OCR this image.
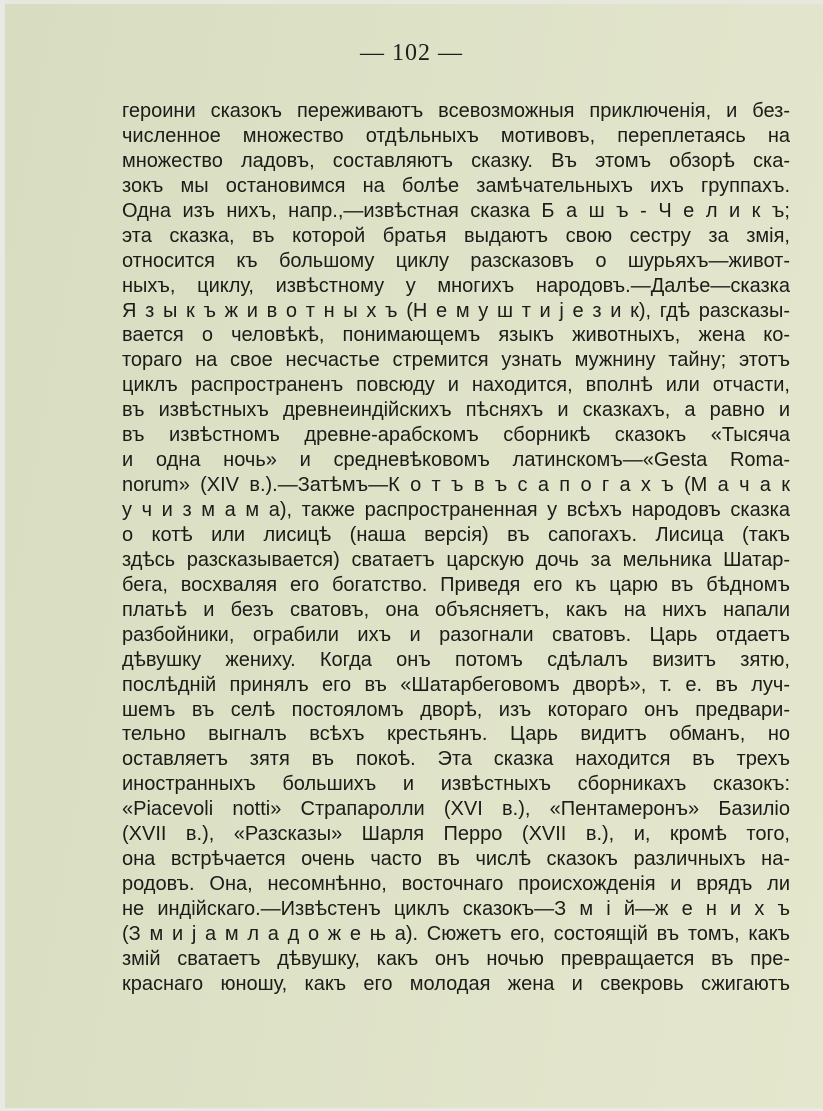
— 102 —
героини сказокъ переживаютъ всевозможныя приключенія, и без-
численное множество отдѣльныхъ мотивовъ, переплетаясь на
множество ладовъ, составляютъ сказку. Въ этомъ обзорѣ ска-
зокъ мы остановимся на болѣе замѣчательныхъ ихъ группахъ.
Одна изъ нихъ, напр.,—извѣстная сказка Б а ш ъ - Ч е л и к ъ;
эта сказка, въ которой братья выдаютъ свою сестру за змія,
относится къ большому циклу разсказовъ о шурьяхъ—живот-
ныхъ, циклу, извѣстному у многихъ народовъ.—Далѣе—сказка
Я з ы к ъ ж и в о т н ы х ъ (Н е м у ш т и ј е з и к), гдѣ разсказы-
вается о человѣкѣ, понимающемъ языкъ животныхъ, жена ко-
тораго на свое несчастье стремится узнать мужнину тайну; этотъ
циклъ распространенъ повсюду и находится, вполнѣ или отчасти,
въ извѣстныхъ древнеиндійскихъ пѣсняхъ и сказкахъ, а равно и
въ извѣстномъ древне-арабскомъ сборникѣ сказокъ «Тысяча
и одна ночь» и средневѣковомъ латинскомъ—«Gesta Roma-
norum» (XIV в.).—Затѣмъ—К о т ъ в ъ с а п о г а х ъ (М а ч а к
у ч и з м а м а), также распространенная у всѣхъ народовъ сказка
о котѣ или лисицѣ (наша версія) въ сапогахъ. Лисица (такъ
здѣсь разсказывается) сватаетъ царскую дочь за мельника Шатар-
бега, восхваляя его богатство. Приведя его къ царю въ бѣдномъ
платьѣ и безъ сватовъ, она объясняетъ, какъ на нихъ напали
разбойники, ограбили ихъ и разогнали сватовъ. Царь отдаетъ
дѣвушку жениху. Когда онъ потомъ сдѣлалъ визитъ зятю,
послѣдній принялъ его въ «Шатарбеговомъ дворѣ», т. е. въ луч-
шемъ въ селѣ постояломъ дворѣ, изъ котораго онъ предвари-
тельно выгналъ всѣхъ крестьянъ. Царь видитъ обманъ, но
оставляетъ зятя въ покоѣ. Эта сказка находится въ трехъ
иностранныхъ большихъ и извѣстныхъ сборникахъ сказокъ:
«Piacevoli notti» Страпаролли (XVI в.), «Пентамеронъ» Базиліо
(XVII в.), «Разсказы» Шарля Перро (XVII в.), и, кромѣ того,
она встрѣчается очень часто въ числѣ сказокъ различныхъ на-
родовъ. Она, несомнѣнно, восточнаго происхожденія и врядъ ли
не индійскаго.—Извѣстенъ циклъ сказокъ—З м і й—ж е н и х ъ
(З м и ј а м л а д о ж е њ а). Сюжетъ его, состоящій въ томъ, какъ
змій сватаетъ дѣвушку, какъ онъ ночью превращается въ пре-
краснаго юношу, какъ его молодая жена и свекровь сжигаютъ
